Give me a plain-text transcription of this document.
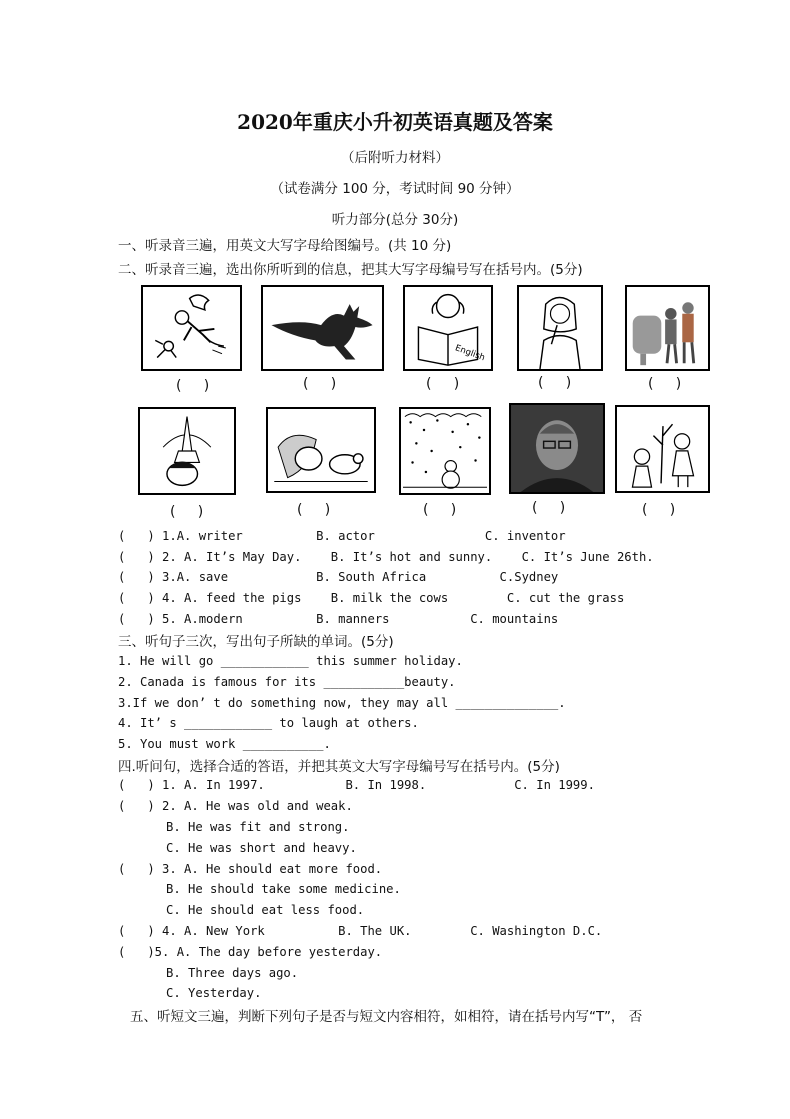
2020年重庆小升初英语真题及答案
（后附听力材料）
（试卷满分 100 分，考试时间 90 分钟）
听力部分(总分 30分)
一、听录音三遍，用英文大写字母给图编号。(共 10 分)
二、听录音三遍，选出你所听到的信息，把其大写字母编号写在括号内。(5分)
English
(     )	(     )	(     )	(     )	(     )
(     )	(     )	(     )	(     )	(     )
(   ) 1.A. writer          B. actor               C. inventor
(   ) 2. A. It’s May Day.    B. It’s hot and sunny.    C. It’s June 26th.
(   ) 3.A. save            B. South Africa          C.Sydney
(   ) 4. A. feed the pigs    B. milk the cows        C. cut the grass
(   ) 5. A.modern          B. manners           C. mountains
三、听句子三次，写出句子所缺的单词。(5分)
1. He will go ____________ this summer holiday.
2. Canada is famous for its ___________beauty.
3.If we don’ t do something now, they may all ______________.
4. It’ s ____________ to laugh at others.
5. You must work ___________.
四.听问句，选择合适的答语，并把其英文大写字母编号写在括号内。(5分)
(   ) 1. A. In 1997.           B. In 1998.            C. In 1999.
(   ) 2. A. He was old and weak.
B. He was fit and strong.
C. He was short and heavy.
(   ) 3. A. He should eat more food.
B. He should take some medicine.
C. He should eat less food.
(   ) 4. A. New York          B. The UK.        C. Washington D.C.
(   )5. A. The day before yesterday.
B. Three days ago.
C. Yesterday.
五、听短文三遍，判断下列句子是否与短文内容相符，如相符，请在括号内写“T”， 否
